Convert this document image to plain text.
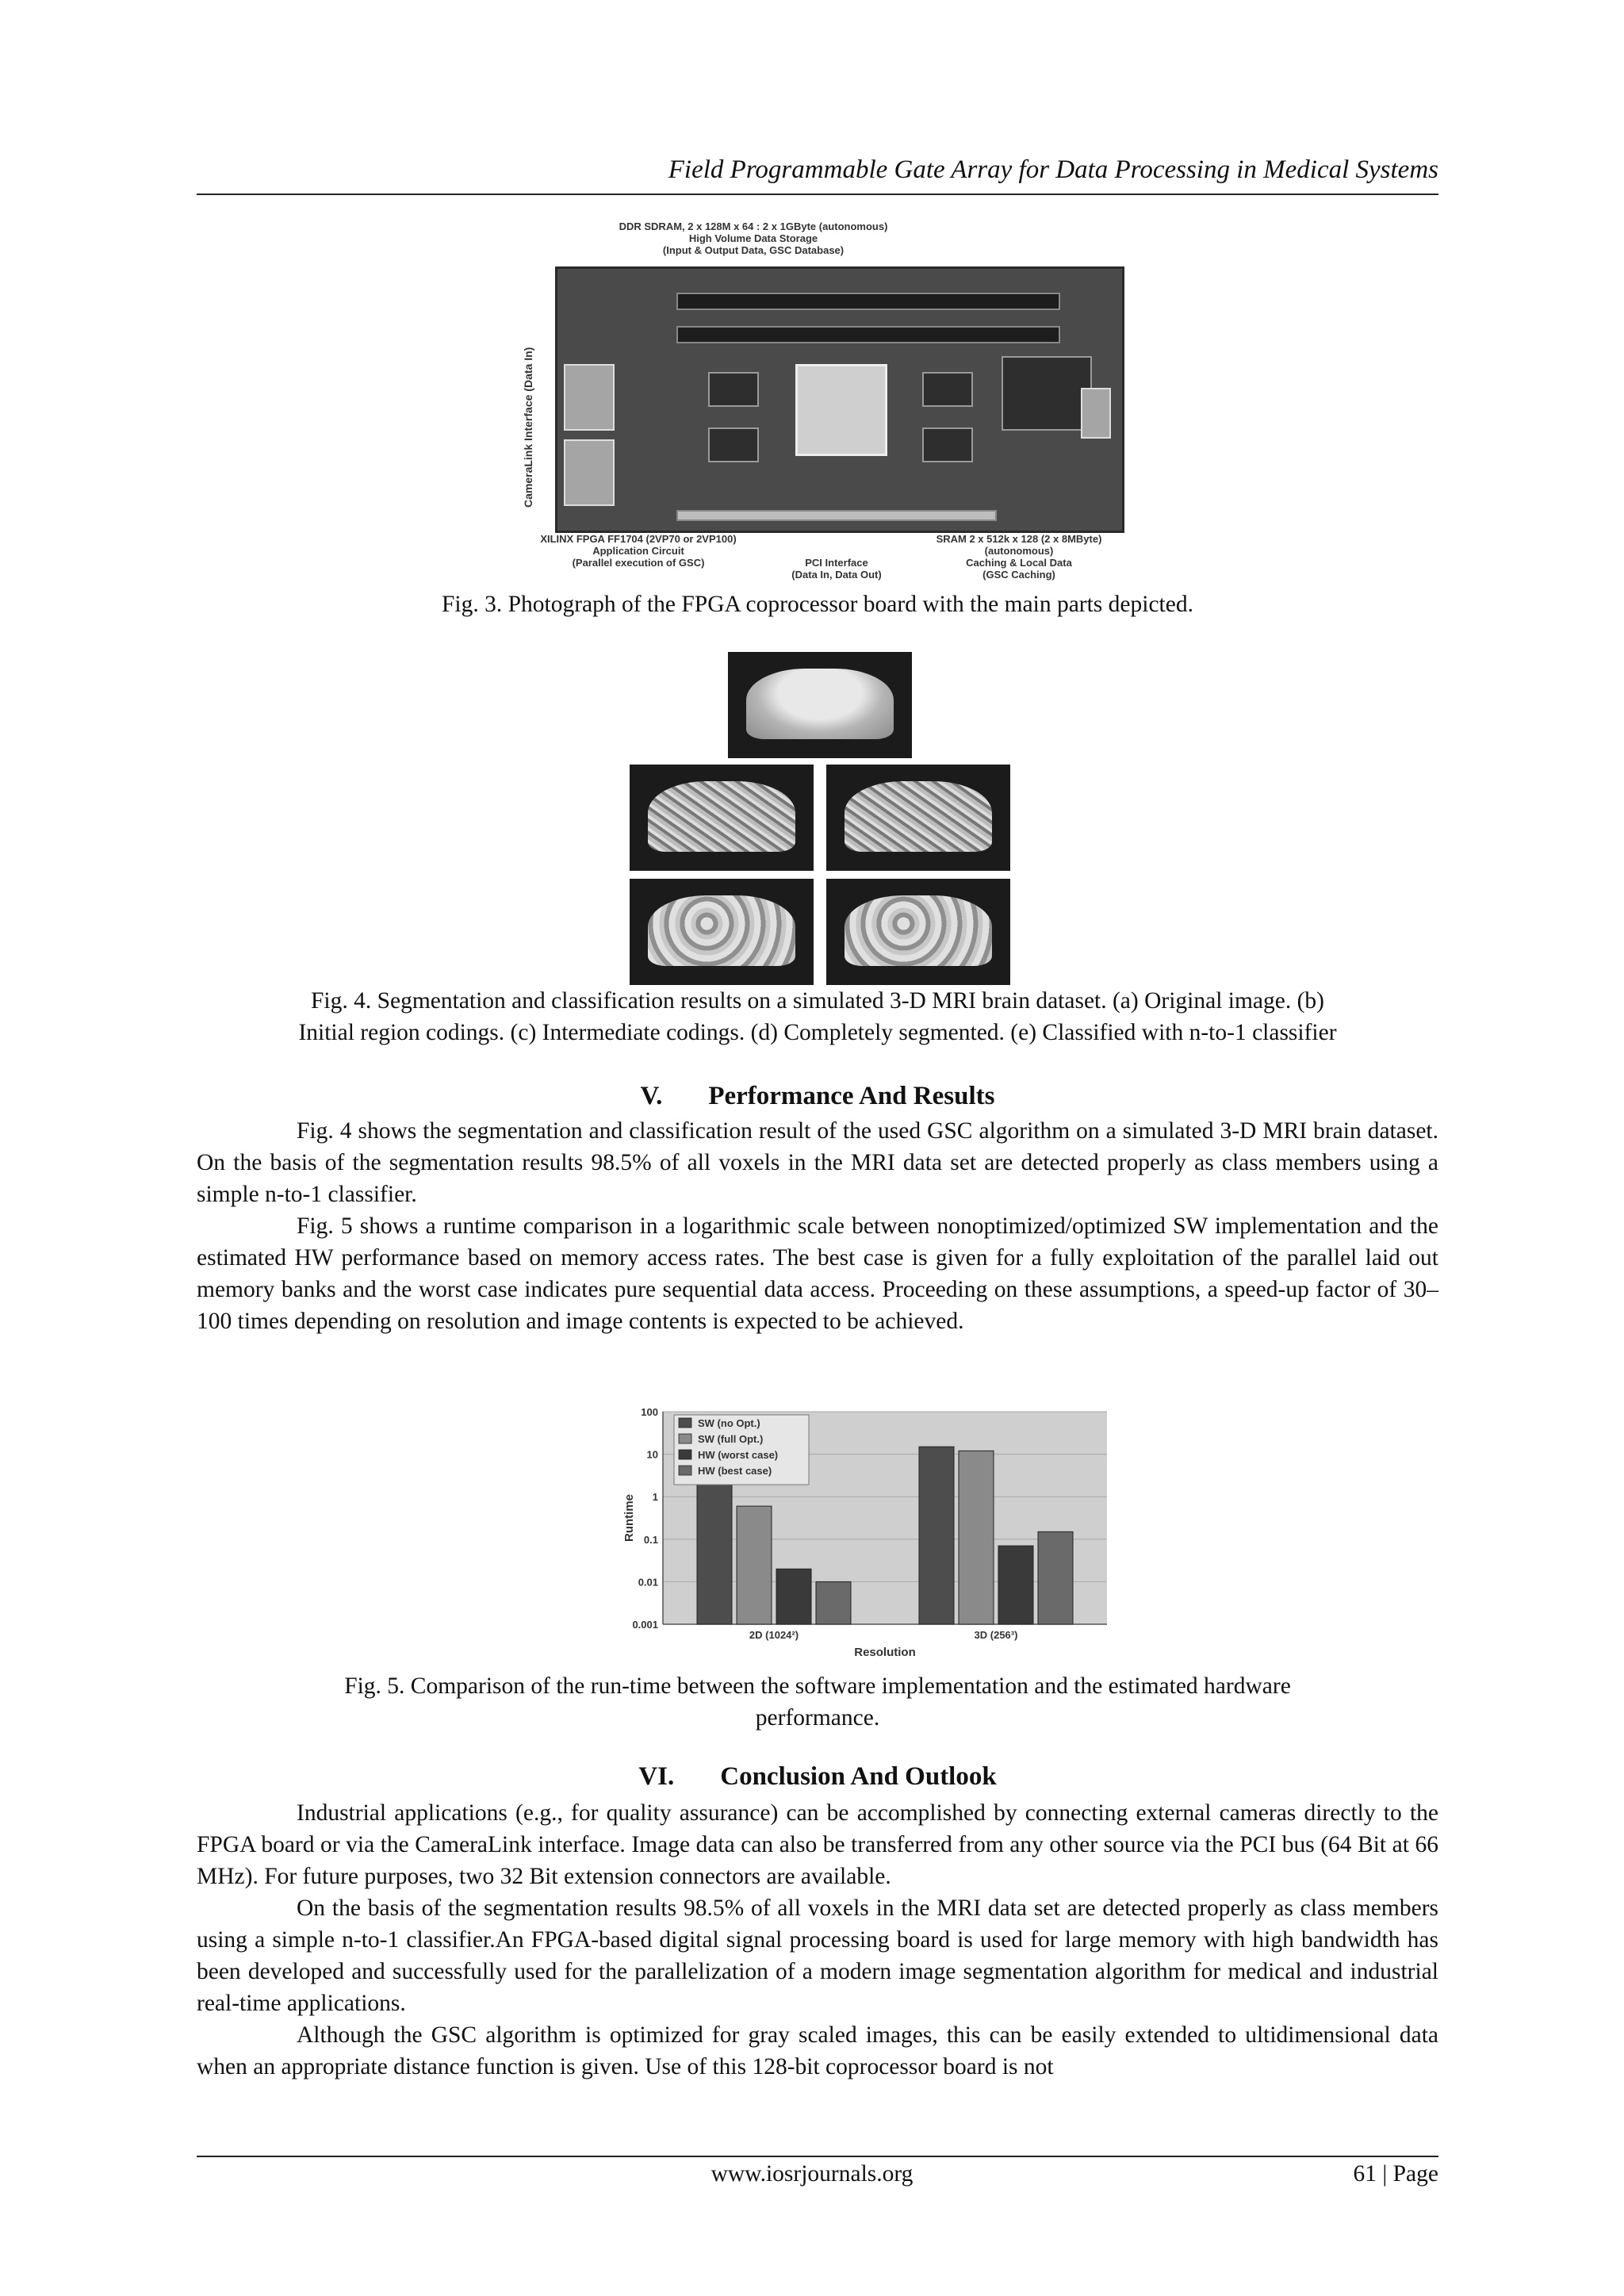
Field Programmable Gate Array for Data Processing in Medical Systems
DDR SDRAM, 2 x 128M x 64 : 2 x 1GByte (autonomous)
High Volume Data Storage
(Input & Output Data, GSC Database)
CameraLink Interface (Data In)
XILINX FPGA FF1704 (2VP70 or 2VP100)
Application Circuit
(Parallel execution of GSC)	PCI Interface
(Data In, Data Out)
SRAM 2 x 512k x 128 (2 x 8MByte)
(autonomous)
Caching & Local Data
(GSC Caching)
Fig. 3. Photograph of the FPGA coprocessor board with the main parts depicted.
Fig. 4. Segmentation and classification results on a simulated 3-D MRI brain dataset. (a) Original image. (b)
Initial region codings. (c) Intermediate codings. (d) Completely segmented. (e) Classified with n-to-1 classifier
V. Performance And Results

Fig. 4 shows the segmentation and classification result of the used GSC algorithm on a simulated 3-D MRI brain dataset. On the basis of the segmentation results 98.5% of all voxels in the MRI data set are detected properly as class members using a simple n-to-1 classifier.

Fig. 5 shows a runtime comparison in a logarithmic scale between nonoptimized/optimized SW implementation and the estimated HW performance based on memory access rates. The best case is given for a fully exploitation of the parallel laid out memory banks and the worst case indicates pure sequential data access. Proceeding on these assumptions, a speed-up factor of 30–100 times depending on resolution and image contents is expected to be achieved.

100
10
1
0.1
0.01
0.001
2D (1024²)	3D (256³)
Resolution
Runtime
SW (no Opt.)
SW (full Opt.)
HW (worst case)
HW (best case)
Fig. 5. Comparison of the run-time between the software implementation and the estimated hardware
performance.
VI. Conclusion And Outlook

Industrial applications (e.g., for quality assurance) can be accomplished by connecting external cameras directly to the FPGA board or via the CameraLink interface. Image data can also be transferred from any other source via the PCI bus (64 Bit at 66 MHz). For future purposes, two 32 Bit extension connectors are available.

On the basis of the segmentation results 98.5% of all voxels in the MRI data set are detected properly as class members using a simple n-to-1 classifier.An FPGA-based digital signal processing board is used for large memory with high bandwidth has been developed and successfully used for the parallelization of a modern image segmentation algorithm for medical and industrial real-time applications.

Although the GSC algorithm is optimized for gray scaled images, this can be easily extended to ultidimensional data when an appropriate distance function is given. Use of this 128-bit coprocessor board is not

www.iosrjournals.org	61 | Page
